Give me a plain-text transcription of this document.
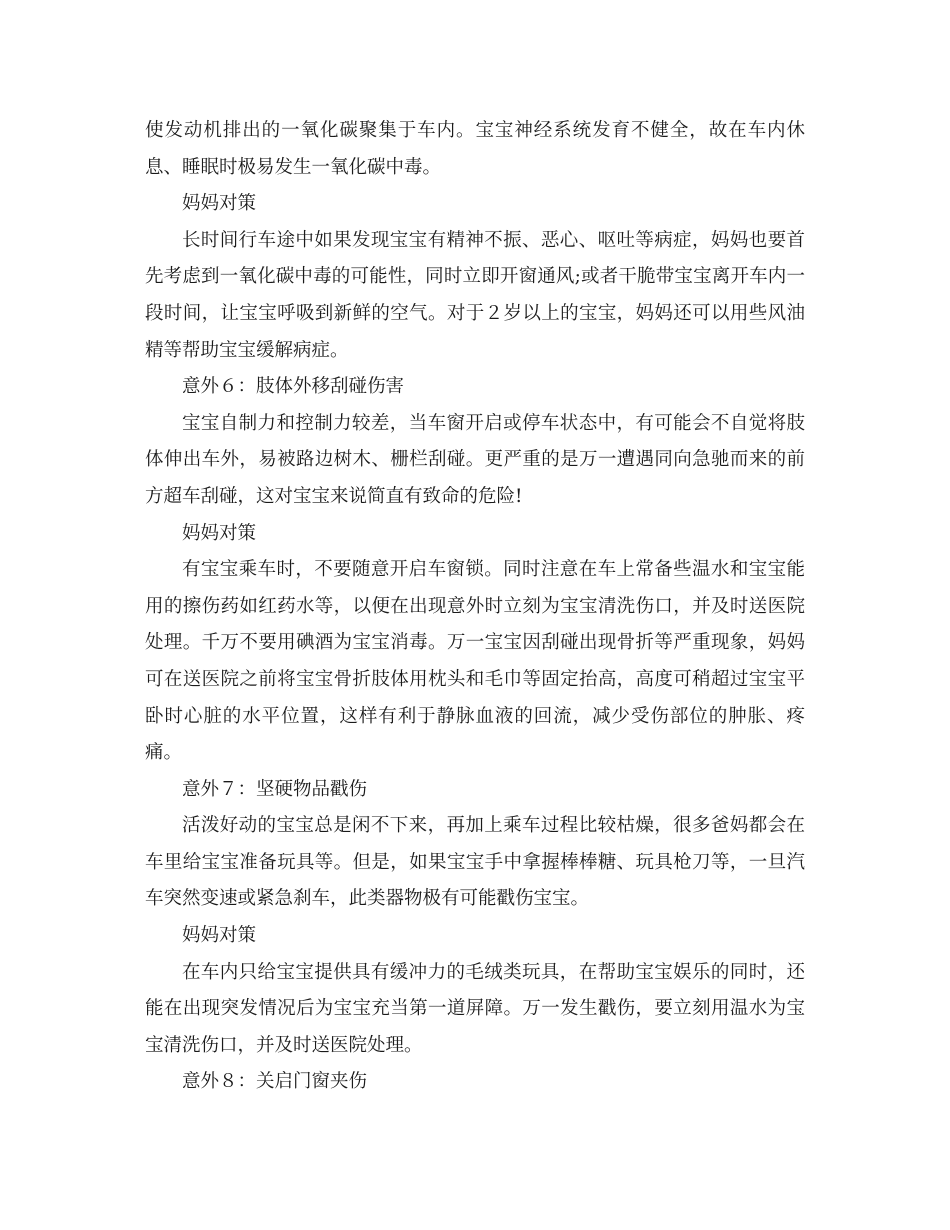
使发动机排出的一氧化碳聚集于车内。宝宝神经系统发育不健全，故在车内休息、睡眠时极易发生一氧化碳中毒。

妈妈对策

长时间行车途中如果发现宝宝有精神不振、恶心、呕吐等病症，妈妈也要首先考虑到一氧化碳中毒的可能性，同时立即开窗通风;或者干脆带宝宝离开车内一段时间，让宝宝呼吸到新鲜的空气。对于２岁以上的宝宝，妈妈还可以用些风油精等帮助宝宝缓解病症。

意外６：肢体外移刮碰伤害

宝宝自制力和控制力较差，当车窗开启或停车状态中，有可能会不自觉将肢体伸出车外，易被路边树木、栅栏刮碰。更严重的是万一遭遇同向急驰而来的前方超车刮碰，这对宝宝来说简直有致命的危险!

妈妈对策

有宝宝乘车时，不要随意开启车窗锁。同时注意在车上常备些温水和宝宝能用的擦伤药如红药水等，以便在出现意外时立刻为宝宝清洗伤口，并及时送医院处理。千万不要用碘酒为宝宝消毒。万一宝宝因刮碰出现骨折等严重现象，妈妈可在送医院之前将宝宝骨折肢体用枕头和毛巾等固定抬高，高度可稍超过宝宝平卧时心脏的水平位置，这样有利于静脉血液的回流，减少受伤部位的肿胀、疼痛。

意外７：坚硬物品戳伤

活泼好动的宝宝总是闲不下来，再加上乘车过程比较枯燥，很多爸妈都会在车里给宝宝准备玩具等。但是，如果宝宝手中拿握棒棒糖、玩具枪刀等，一旦汽车突然变速或紧急刹车，此类器物极有可能戳伤宝宝。

妈妈对策

在车内只给宝宝提供具有缓冲力的毛绒类玩具，在帮助宝宝娱乐的同时，还能在出现突发情况后为宝宝充当第一道屏障。万一发生戳伤，要立刻用温水为宝宝清洗伤口，并及时送医院处理。

意外８：关启门窗夹伤
